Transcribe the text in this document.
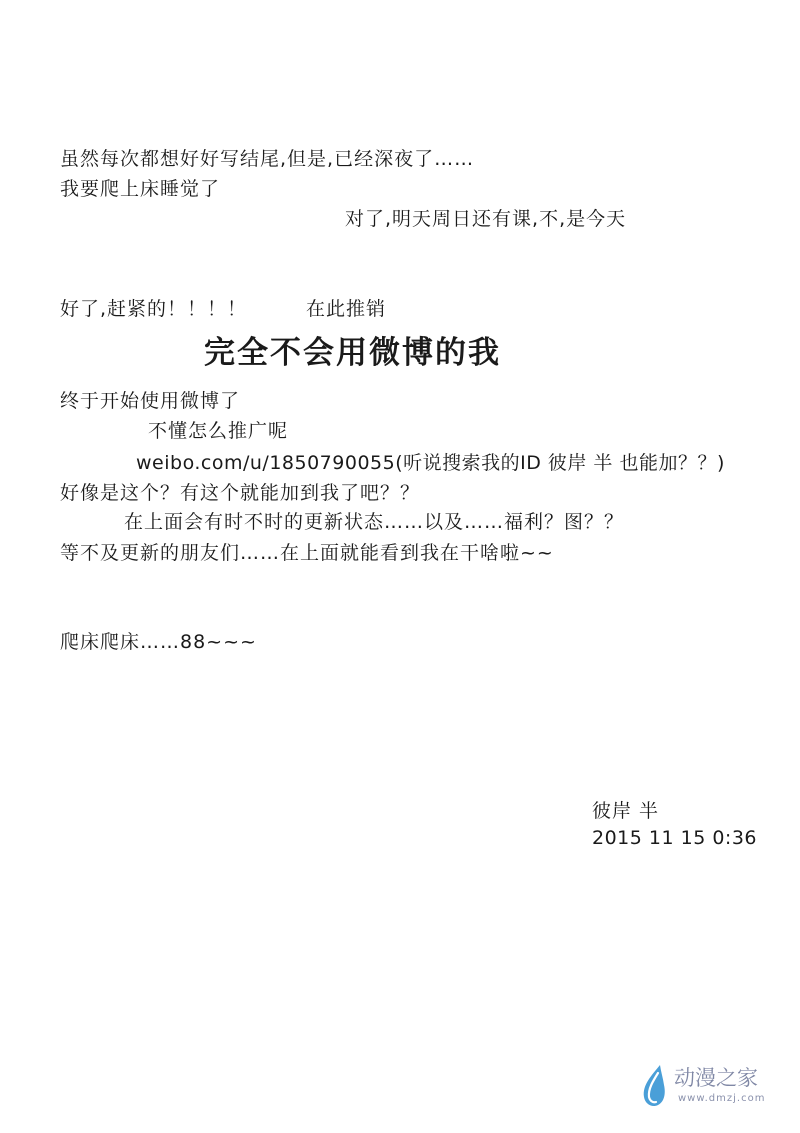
虽然每次都想好好写结尾,但是,已经深夜了……
我要爬上床睡觉了
对了,明天周日还有课,不,是今天
好了,赶紧的！！！！	在此推销
完全不会用微博的我
终于开始使用微博了
不懂怎么推广呢
weibo.com/u/1850790055(听说搜索我的ID 彼岸 半 也能加？？)
好像是这个？有这个就能加到我了吧？？
在上面会有时不时的更新状态……以及……福利？图？？
等不及更新的朋友们……在上面就能看到我在干啥啦~~
爬床爬床……88~~~
彼岸 半
2015 11 15 0:36
动漫之家
www.dmzj.com
